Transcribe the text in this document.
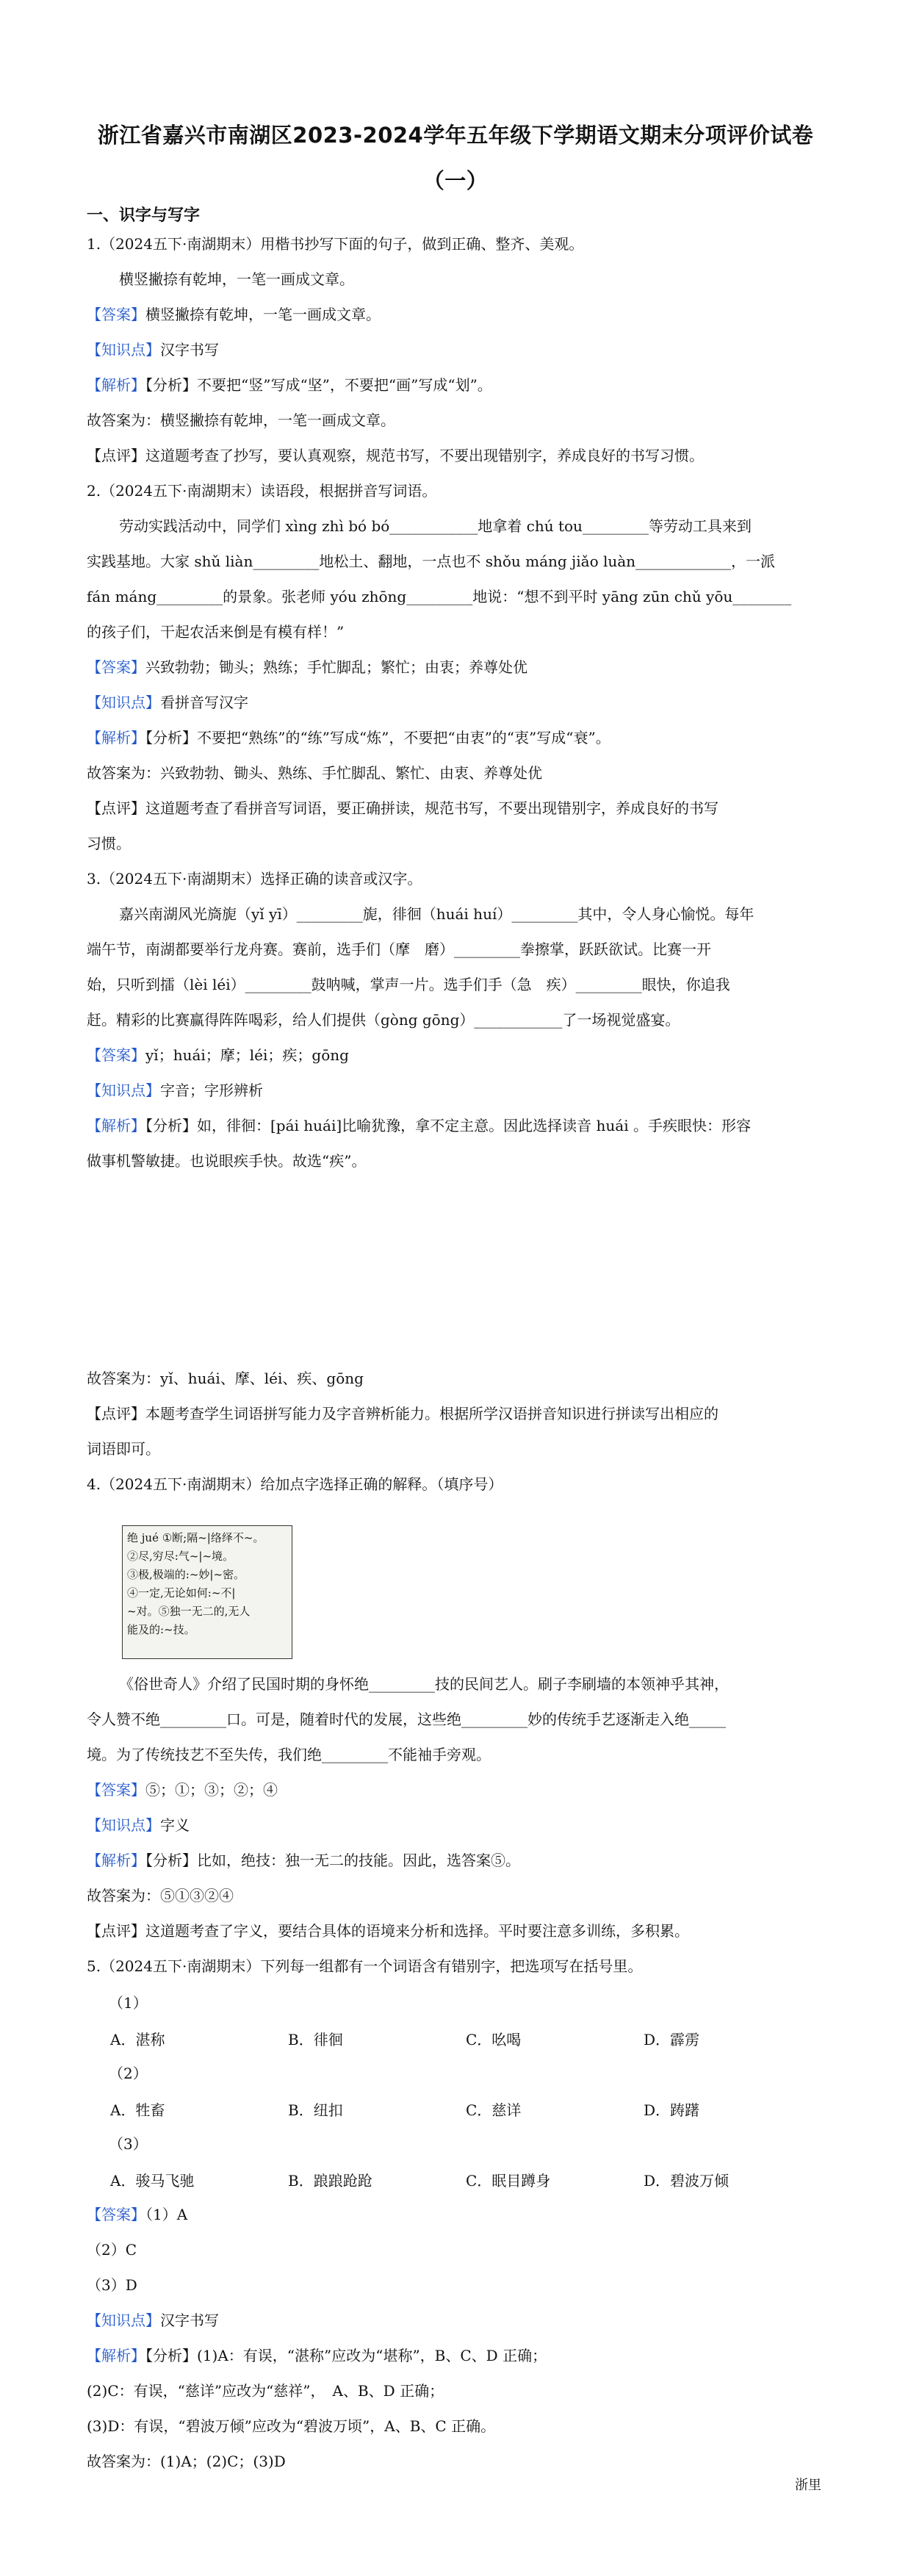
浙江省嘉兴市南湖区2023-2024学年五年级下学期语文期末分项评价试卷
（一）
一、识字与写字
1.（2024五下·南湖期末）用楷书抄写下面的句子，做到正确、整齐、美观。
横竖撇捺有乾坤，一笔一画成文章。
【答案】横竖撇捺有乾坤，一笔一画成文章。
【知识点】汉字书写
【解析】【分析】不要把“竖”写成“坚”，不要把“画”写成“划”。
故答案为：横竖撇捺有乾坤，一笔一画成文章。
【点评】这道题考查了抄写，要认真观察，规范书写，不要出现错别字，养成良好的书写习惯。
2.（2024五下·南湖期末）读语段，根据拼音写词语。
劳动实践活动中，同学们 xìng zhì bó bó____________地拿着 chú tou_________等劳动工具来到
实践基地。大家 shǔ liàn_________地松土、翻地，一点也不 shǒu máng jiǎo luàn_____________，一派
fán máng_________的景象。张老师 yóu zhōng_________地说：“想不到平时 yāng zūn chǔ yōu________
的孩子们，干起农活来倒是有模有样！”
【答案】兴致勃勃；锄头；熟练；手忙脚乱；繁忙；由衷；养尊处优
【知识点】看拼音写汉字
【解析】【分析】不要把“熟练”的“练”写成“炼”，不要把“由衷”的“衷”写成“衰”。
故答案为：兴致勃勃、锄头、熟练、手忙脚乱、繁忙、由衷、养尊处优
【点评】这道题考查了看拼音写词语，要正确拼读，规范书写，不要出现错别字，养成良好的书写
习惯。
3.（2024五下·南湖期末）选择正确的读音或汉字。
嘉兴南湖风光旖旎（yǐ yī）_________旎，徘徊（huái huí）_________其中，令人身心愉悦。每年
端午节，南湖都要举行龙舟赛。赛前，选手们（摩　磨）_________拳擦掌，跃跃欲试。比赛一开
始，只听到擂（lèi léi）_________鼓呐喊，掌声一片。选手们手（急　疾）_________眼快，你追我
赶。精彩的比赛赢得阵阵喝彩，给人们提供（gòng gōng）____________了一场视觉盛宴。
【答案】yǐ；huái；摩；léi；疾；gōng
【知识点】字音；字形辨析
【解析】【分析】如，徘徊：[pái huái]比喻犹豫，拿不定主意。因此选择读音 huái 。手疾眼快：形容
做事机警敏捷。也说眼疾手快。故选“疾”。
故答案为：yǐ、huái、摩、léi、疾、gōng
【点评】本题考查学生词语拼写能力及字音辨析能力。根据所学汉语拼音知识进行拼读写出相应的
词语即可。
4.（2024五下·南湖期末）给加点字选择正确的解释。（填序号）
绝 jué ①断;隔~|络绎不~。
②尽,穷尽:气~|~境。
③极,极端的:~妙|~密。
④一定,无论如何:~不|
~对。⑤独一无二的,无人
能及的:~技。
《俗世奇人》介绍了民国时期的身怀绝_________技的民间艺人。刷子李刷墙的本领神乎其神，
令人赞不绝_________口。可是，随着时代的发展，这些绝_________妙的传统手艺逐渐走入绝_____
境。为了传统技艺不至失传，我们绝_________不能袖手旁观。
【答案】⑤；①；③；②；④
【知识点】字义
【解析】【分析】比如，绝技：独一无二的技能。因此，选答案⑤。
故答案为：⑤①③②④
【点评】这道题考查了字义，要结合具体的语境来分析和选择。平时要注意多训练，多积累。
5.（2024五下·南湖期末）下列每一组都有一个词语含有错别字，把选项写在括号里。
（1）
A．湛称	B．徘徊	C．吆喝	D．霹雳
（2）
A．牲畜	B．纽扣	C．慈详	D．踌躇
（3）
A．骏马飞驰	B．踉踉跄跄	C．眠目蹲身	D．碧波万倾
【答案】（1）A
（2）C
（3）D
【知识点】汉字书写
【解析】【分析】(1)A：有误，“湛称”应改为“堪称”，B、C、D 正确；
(2)C：有误，“慈详”应改为“慈祥”，　A、B、D 正确；
(3)D：有误，“碧波万倾”应改为“碧波万顷”，A、B、C 正确。
故答案为：(1)A；(2)C；(3)D
浙里
